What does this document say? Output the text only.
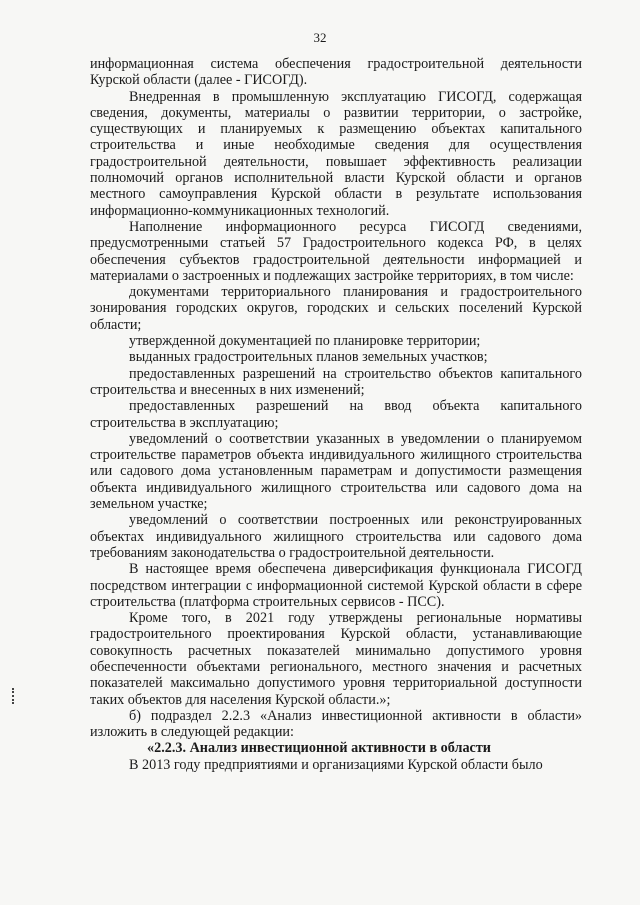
32

информационная система обеспечения градостроительной деятельности Курской области (далее - ГИСОГД).

Внедренная в промышленную эксплуатацию ГИСОГД, содержащая сведения, документы, материалы о развитии территории, о застройке, существующих и планируемых к размещению объектах капитального строительства и иные необходимые сведения для осуществления градостроительной деятельности, повышает эффективность реализации полномочий органов исполнительной власти Курской области и органов местного самоуправления Курской области в результате использования информационно-коммуникационных технологий.

Наполнение информационного ресурса ГИСОГД сведениями, предусмотренными статьей 57 Градостроительного кодекса РФ, в целях обеспечения субъектов градостроительной деятельности информацией и материалами о застроенных и подлежащих застройке территориях, в том числе:

документами территориального планирования и градостроительного зонирования городских округов, городских и сельских поселений Курской области;

утвержденной документацией по планировке территории;

выданных градостроительных планов земельных участков;

предоставленных разрешений на строительство объектов капитального строительства и внесенных в них изменений;

предоставленных разрешений на ввод объекта капитального строительства в эксплуатацию;

уведомлений о соответствии указанных в уведомлении о планируемом строительстве параметров объекта индивидуального жилищного строительства или садового дома установленным параметрам и допустимости размещения объекта индивидуального жилищного строительства или садового дома на земельном участке;

уведомлений о соответствии построенных или реконструированных объектах индивидуального жилищного строительства или садового дома требованиям законодательства о градостроительной деятельности.

В настоящее время обеспечена диверсификация функционала ГИСОГД посредством интеграции с информационной системой Курской области в сфере строительства (платформа строительных сервисов - ПСС).

Кроме того, в 2021 году утверждены региональные нормативы градостроительного проектирования Курской области, устанавливающие совокупность расчетных показателей минимально допустимого уровня обеспеченности объектами регионального, местного значения и расчетных показателей максимально допустимого уровня территориальной доступности таких объектов для населения Курской области.»;

б) подраздел 2.2.3 «Анализ инвестиционной активности в области» изложить в следующей редакции:

«2.2.3. Анализ инвестиционной активности в области

В 2013 году предприятиями и организациями Курской области было
